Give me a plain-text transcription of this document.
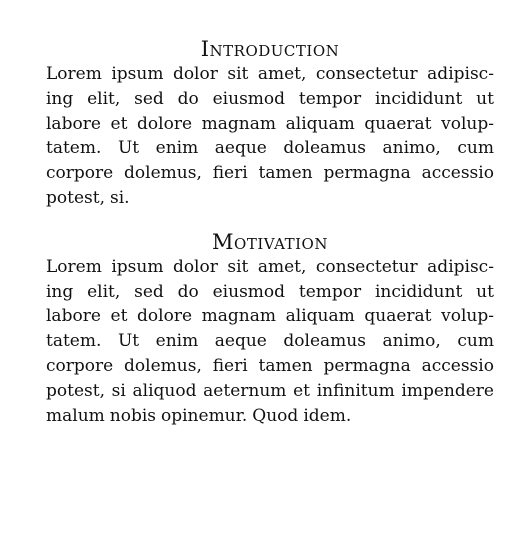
Introduction
Lorem ipsum dolor sit amet, consectetur adipisc-
ing elit, sed do eiusmod tempor incididunt ut
labore et dolore magnam aliquam quaerat volup-
tatem. Ut enim aeque doleamus animo, cum
corpore dolemus, fieri tamen permagna accessio
potest, si.
Motivation
Lorem ipsum dolor sit amet, consectetur adipisc-
ing elit, sed do eiusmod tempor incididunt ut
labore et dolore magnam aliquam quaerat volup-
tatem. Ut enim aeque doleamus animo, cum
corpore dolemus, fieri tamen permagna accessio
potest, si aliquod aeternum et infinitum impendere
malum nobis opinemur. Quod idem.
